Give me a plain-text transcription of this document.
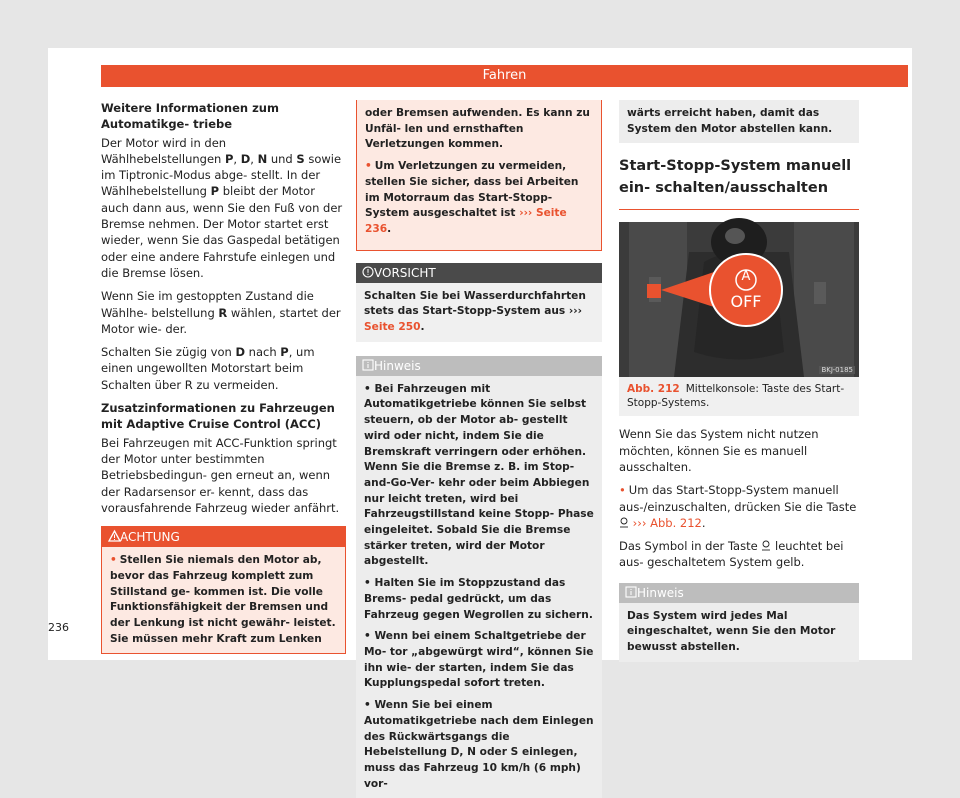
Fahren
Weitere Informationen zum Automatikge- triebe

Der Motor wird in den Wählhebelstellungen P, D, N und S sowie im Tiptronic-Modus abge- stellt. In der Wählhebelstellung P bleibt der Motor auch dann aus, wenn Sie den Fuß von der Bremse nehmen. Der Motor startet erst wieder, wenn Sie das Gaspedal betätigen oder eine andere Fahrstufe einlegen und die Bremse lösen.

Wenn Sie im gestoppten Zustand die Wählhe- belstellung R wählen, startet der Motor wie- der.

Schalten Sie zügig von D nach P, um einen ungewollten Motorstart beim Schalten über R zu vermeiden.

Zusatzinformationen zu Fahrzeugen mit Adaptive Cruise Control (ACC)

Bei Fahrzeugen mit ACC-Funktion springt der Motor unter bestimmten Betriebsbedingun- gen erneut an, wenn der Radarsensor er- kennt, dass das vorausfahrende Fahrzeug wieder anfährt.

ACHTUNG
• Stellen Sie niemals den Motor ab, bevor das Fahrzeug komplett zum Stillstand ge- kommen ist. Die volle Funktionsfähigkeit der Bremsen und der Lenkung ist nicht gewähr- leistet. Sie müssen mehr Kraft zum Lenken

oder Bremsen aufwenden. Es kann zu Unfäl- len und ernsthaften Verletzungen kommen.

• Um Verletzungen zu vermeiden, stellen Sie sicher, dass bei Arbeiten im Motorraum das Start-Stopp-System ausgeschaltet ist ››› Seite 236.

VORSICHT
Schalten Sie bei Wasserdurchfahrten stets das Start-Stopp-System aus ››› Seite 250.
Hinweis

• Bei Fahrzeugen mit Automatikgetriebe können Sie selbst steuern, ob der Motor ab- gestellt wird oder nicht, indem Sie die Bremskraft verringern oder erhöhen. Wenn Sie die Bremse z. B. im Stop-and-Go-Ver- kehr oder beim Abbiegen nur leicht treten, wird bei Fahrzeugstillstand keine Stopp- Phase eingeleitet. Sobald Sie die Bremse stärker treten, wird der Motor abgestellt.

• Halten Sie im Stoppzustand das Brems- pedal gedrückt, um das Fahrzeug gegen Wegrollen zu sichern.

• Wenn bei einem Schaltgetriebe der Mo- tor „abgewürgt wird“, können Sie ihn wie- der starten, indem Sie das Kupplungspedal sofort treten.

• Wenn Sie bei einem Automatikgetriebe nach dem Einlegen des Rückwärtsgangs die Hebelstellung D, N oder S einlegen, muss das Fahrzeug 10 km/h (6 mph) vor-

wärts erreicht haben, damit das System den Motor abstellen kann.
Start-Stopp-System manuell ein- schalten/ausschalten
A
OFF
BKJ-0185
Abb. 212 Mittelkonsole: Taste des Start- Stopp-Systems.

Wenn Sie das System nicht nutzen möchten, können Sie es manuell ausschalten.

• Um das Start-Stopp-System manuell aus-/einzuschalten, drücken Sie die Taste  ››› Abb. 212.

Das Symbol in der Taste leuchtet bei aus- geschaltetem System gelb.

Hinweis
Das System wird jedes Mal eingeschaltet, wenn Sie den Motor bewusst abstellen.
236
